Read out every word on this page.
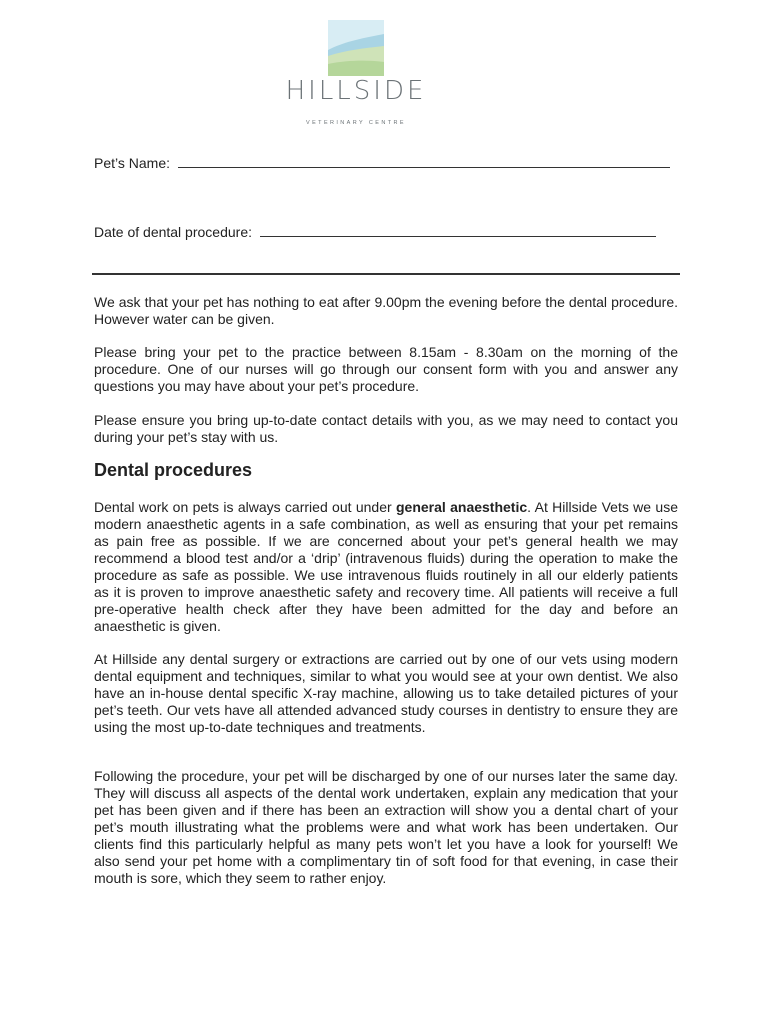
HILLSIDE
VETERINARY CENTRE
Pet’s Name:
Date of dental procedure:

We ask that your pet has nothing to eat after 9.00pm the evening before the dental procedure. However water can be given.

Please bring your pet to the practice between 8.15am - 8.30am on the morning of the procedure. One of our nurses will go through our consent form with you and answer any questions you may have about your pet’s procedure.

Please ensure you bring up-to-date contact details with you, as we may need to contact you during your pet’s stay with us.

Dental procedures

Dental work on pets is always carried out under general anaesthetic. At Hillside Vets we use modern anaesthetic agents in a safe combination, as well as ensuring that your pet remains as pain free as possible. If we are concerned about your pet’s general health we may recommend a blood test and/or a ‘drip’ (intravenous fluids) during the operation to make the procedure as safe as possible. We use intravenous fluids routinely in all our elderly patients as it is proven to improve anaesthetic safety and recovery time. All patients will receive a full pre-operative health check after they have been admitted for the day and before an anaesthetic is given.

At Hillside any dental surgery or extractions are carried out by one of our vets using modern dental equipment and techniques, similar to what you would see at your own dentist. We also have an in-house dental specific X-ray machine, allowing us to take detailed pictures of your pet’s teeth. Our vets have all attended advanced study courses in dentistry to ensure they are using the most up-to-date techniques and treatments.

Following the procedure, your pet will be discharged by one of our nurses later the same day. They will discuss all aspects of the dental work undertaken, explain any medication that your pet has been given and if there has been an extraction will show you a dental chart of your pet’s mouth illustrating what the problems were and what work has been undertaken. Our clients find this particularly helpful as many pets won’t let you have a look for yourself! We also send your pet home with a complimentary tin of soft food for that evening, in case their mouth is sore, which they seem to rather enjoy.
